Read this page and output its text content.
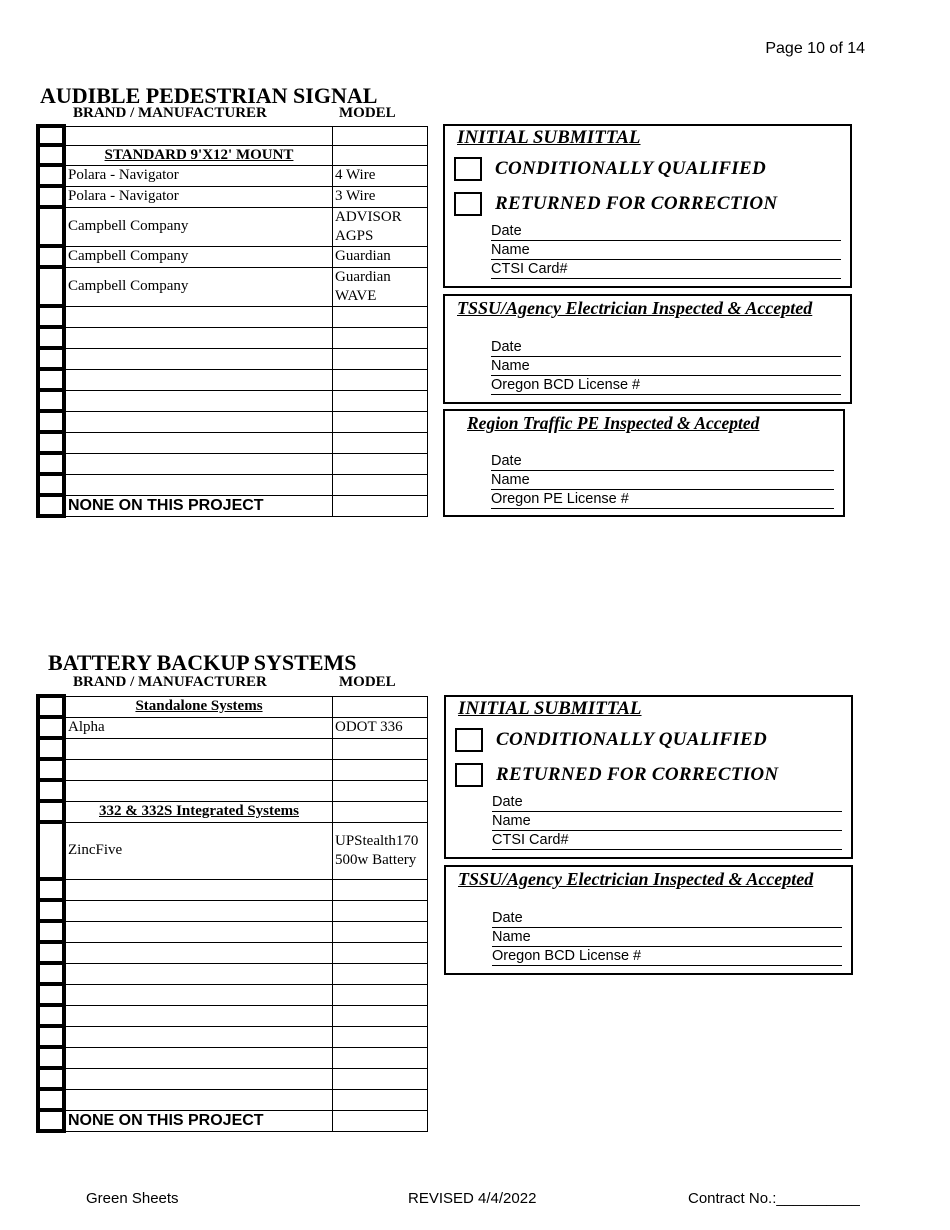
Page 10 of 14
AUDIBLE PEDESTRIAN SIGNAL
BRAND / MANUFACTURER	MODEL

	STANDARD 9'X12' MOUNT	
	Polara - Navigator	4 Wire
	Polara - Navigator	3 Wire
	Campbell Company	ADVISOR AGPS
	Campbell Company	Guardian
	Campbell Company	Guardian WAVE

	NONE ON THIS PROJECT	
INITIAL SUBMITTAL
CONDITIONALLY QUALIFIED
RETURNED FOR CORRECTION
Date
Name
CTSI Card#
TSSU/Agency Electrician Inspected & Accepted
Date
Name
Oregon BCD License #
Region Traffic PE Inspected & Accepted
Date
Name
Oregon PE License #
BATTERY BACKUP SYSTEMS
BRAND / MANUFACTURER	MODEL
	Standalone Systems	
	Alpha	ODOT 336

	332 & 332S Integrated Systems	
	ZincFive	UPStealth170 500w Battery

	NONE ON THIS PROJECT	
INITIAL SUBMITTAL
CONDITIONALLY QUALIFIED
RETURNED FOR CORRECTION
Date
Name
CTSI Card#
TSSU/Agency Electrician Inspected & Accepted
Date
Name
Oregon BCD License #
Green Sheets	REVISED 4/4/2022	Contract No.:__________
